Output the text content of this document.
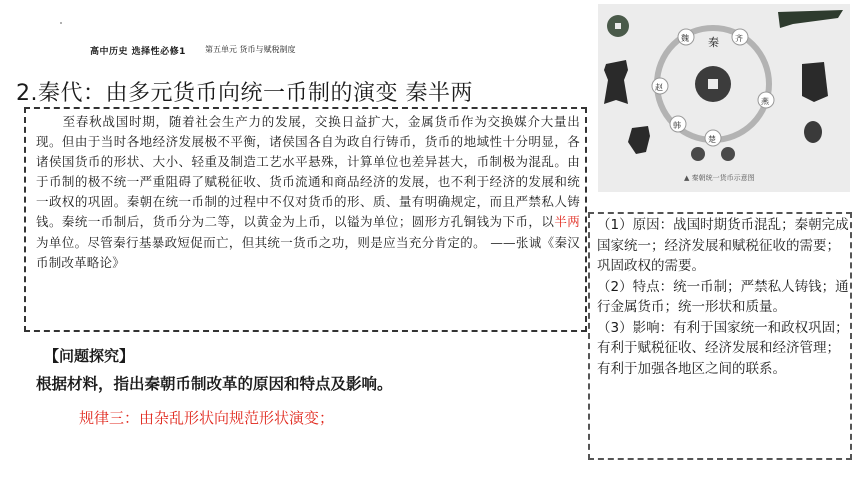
高中历史 选择性必修1 第五单元 货币与赋税制度
2.秦代：由多元货币向统一币制的演变 秦半两
秦
魏	齐
燕
楚
赵
韩
▲ 秦朝统一货币示意图
至春秋战国时期，随着社会生产力的发展，交换日益扩大，金属货币作为交换媒介大量出现。但由于当时各地经济发展极不平衡，诸侯国各自为政自行铸币，货币的地域性十分明显，各诸侯国货币的形状、大小、轻重及制造工艺水平悬殊，计算单位也差异甚大，币制极为混乱。由于币制的极不统一严重阻碍了赋税征收、货币流通和商品经济的发展，也不利于经济的发展和统一政权的巩固。秦朝在统一币制的过程中不仅对货币的形、质、量有明确规定，而且严禁私人铸钱。秦统一币制后，货币分为二等，以黄金为上币，以镒为单位；圆形方孔铜钱为下币，以半两为单位。尽管秦行基暴政短促而亡，但其统一货币之功，则是应当充分肯定的。 ——张诚《秦汉币制改革略论》
【问题探究】
根据材料，指出秦朝币制改革的原因和特点及影响。
规律三：由杂乱形状向规范形状演变；

（1）原因：战国时期货币混乱；秦朝完成国家统一；经济发展和赋税征收的需要；巩固政权的需要。

（2）特点：统一币制；严禁私人铸钱；通行金属货币；统一形状和质量。

（3）影响：有利于国家统一和政权巩固；有利于赋税征收、经济发展和经济管理；有利于加强各地区之间的联系。
